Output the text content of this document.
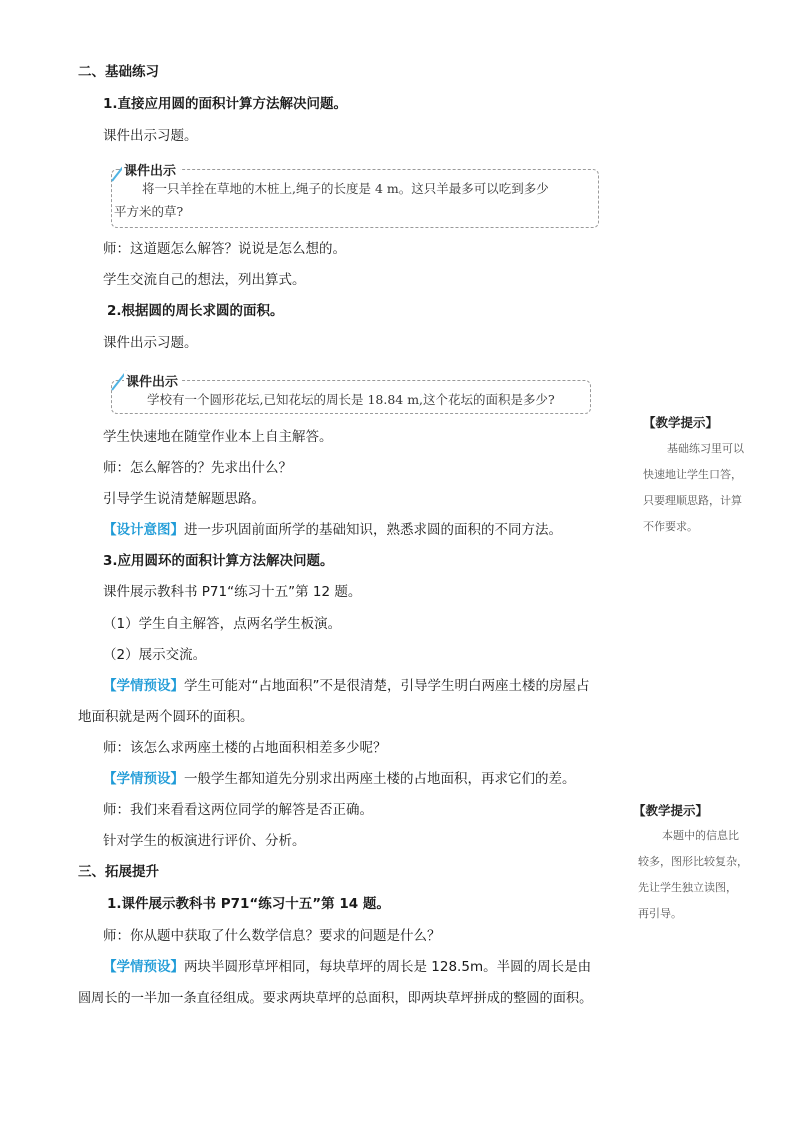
二、基础练习
1.直接应用圆的面积计算方法解决问题。
课件出示习题。
课件出示
将一只羊拴在草地的木桩上,绳子的长度是 4 m。这只羊最多可以吃到多少
平方米的草?
师：这道题怎么解答？说说是怎么想的。
学生交流自己的想法，列出算式。
2.根据圆的周长求圆的面积。
课件出示习题。
课件出示
学校有一个圆形花坛,已知花坛的周长是 18.84 m,这个花坛的面积是多少?
学生快速地在随堂作业本上自主解答。
师：怎么解答的？先求出什么？
引导学生说清楚解题思路。
【设计意图】进一步巩固前面所学的基础知识，熟悉求圆的面积的不同方法。
3.应用圆环的面积计算方法解决问题。
课件展示教科书 P71“练习十五”第 12 题。
（1）学生自主解答，点两名学生板演。
（2）展示交流。
【学情预设】学生可能对“占地面积”不是很清楚，引导学生明白两座土楼的房屋占
地面积就是两个圆环的面积。
师：该怎么求两座土楼的占地面积相差多少呢？
【学情预设】一般学生都知道先分别求出两座土楼的占地面积，再求它们的差。
师：我们来看看这两位同学的解答是否正确。
针对学生的板演进行评价、分析。
三、拓展提升
1.课件展示教科书 P71“练习十五”第 14 题。
师：你从题中获取了什么数学信息？要求的问题是什么？
【学情预设】两块半圆形草坪相同，每块草坪的周长是 128.5m。半圆的周长是由
圆周长的一半加一条直径组成。要求两块草坪的总面积，即两块草坪拼成的整圆的面积。
【教学提示】
基础练习里可以
快速地让学生口答，
只要理顺思路，计算
不作要求。
【教学提示】
本题中的信息比
较多，图形比较复杂，
先让学生独立读图，
再引导。
